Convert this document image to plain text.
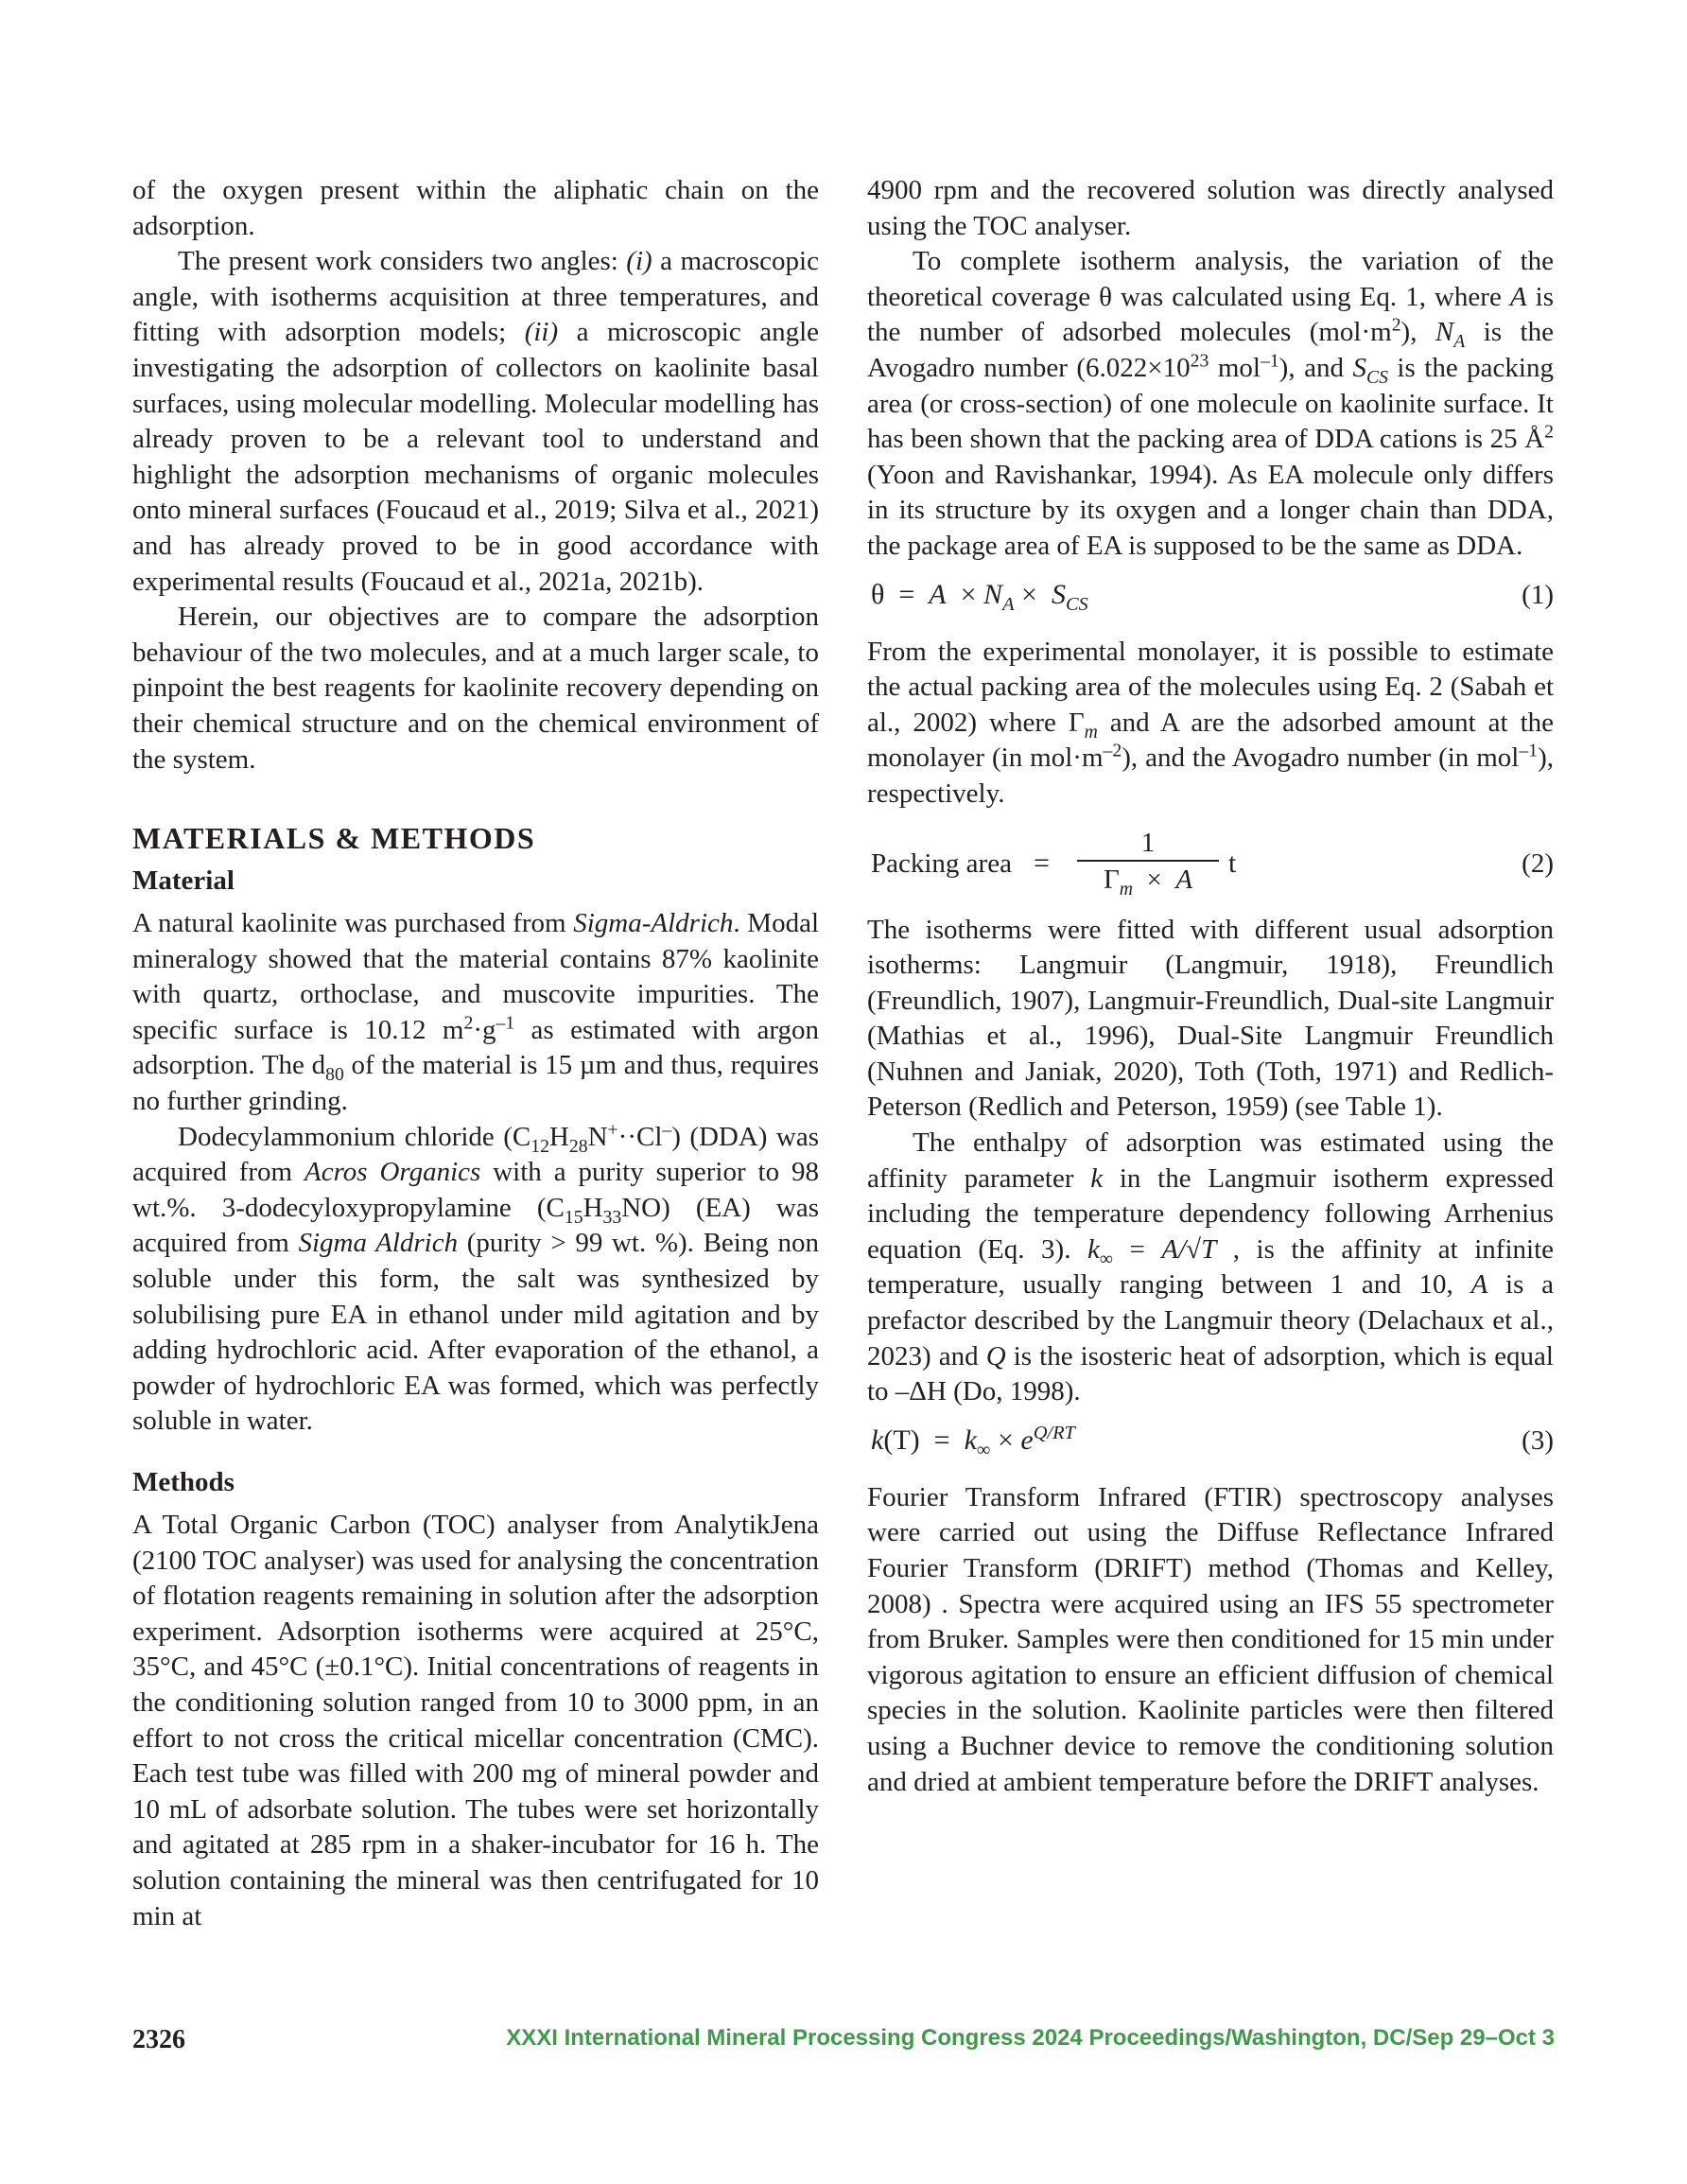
of the oxygen present within the aliphatic chain on the adsorption.

The present work considers two angles: (i) a macroscopic angle, with isotherms acquisition at three temperatures, and fitting with adsorption models; (ii) a microscopic angle investigating the adsorption of collectors on kaolinite basal surfaces, using molecular modelling. Molecular modelling has already proven to be a relevant tool to understand and highlight the adsorption mechanisms of organic molecules onto mineral surfaces (Foucaud et al., 2019; Silva et al., 2021) and has already proved to be in good accordance with experimental results (Foucaud et al., 2021a, 2021b).

Herein, our objectives are to compare the adsorption behaviour of the two molecules, and at a much larger scale, to pinpoint the best reagents for kaolinite recovery depending on their chemical structure and on the chemical environment of the system.

MATERIALS & METHODS
Material

A natural kaolinite was purchased from Sigma-Aldrich. Modal mineralogy showed that the material contains 87% kaolinite with quartz, orthoclase, and muscovite impurities. The specific surface is 10.12 $m^2\cdot g^{-1}$ as estimated with argon adsorption. The $d_{80}$ of the material is 15 µm and thus, requires no further grinding.

Dodecylammonium chloride $(C_{12}H_{28}N^+\cdot\cdot Cl^-)$ (DDA) was acquired from Acros Organics with a purity superior to 98 wt.%. 3-dodecyloxypropylamine $(C_{15}H_{33}NO)$ (EA) was acquired from Sigma Aldrich (purity > 99 wt. %). Being non soluble under this form, the salt was synthesized by solubilising pure EA in ethanol under mild agitation and by adding hydrochloric acid. After evaporation of the ethanol, a powder of hydrochloric EA was formed, which was perfectly soluble in water.

Methods

A Total Organic Carbon (TOC) analyser from AnalytikJena (2100 TOC analyser) was used for analysing the concentration of flotation reagents remaining in solution after the adsorption experiment. Adsorption isotherms were acquired at 25°C, 35°C, and 45°C (±0.1°C). Initial concentrations of reagents in the conditioning solution ranged from 10 to 3000 ppm, in an effort to not cross the critical micellar concentration (CMC). Each test tube was filled with 200 mg of mineral powder and 10 mL of adsorbate solution. The tubes were set horizontally and agitated at 285 rpm in a shaker-incubator for 16 h. The solution containing the mineral was then centrifugated for 10 min at

4900 rpm and the recovered solution was directly analysed using the TOC analyser.

To complete isotherm analysis, the variation of the theoretical coverage θ was calculated using Eq. 1, where A is the number of adsorbed molecules $(mol\cdot m^2)$, $N_A$ is the Avogadro number ($6.022\times 10^{23}$ mol$^{-1}$), and $S_{CS}$ is the packing area (or cross-section) of one molecule on kaolinite surface. It has been shown that the packing area of DDA cations is 25 $Å^2$ (Yoon and Ravishankar, 1994). As EA molecule only differs in its structure by its oxygen and a longer chain than DDA, the package area of EA is supposed to be the same as DDA.

$\theta = A \times N_A \times S_{CS}$	(1)

From the experimental monolayer, it is possible to estimate the actual packing area of the molecules using Eq. 2 (Sabah et al., 2002) where $\Gamma_m$ and A are the adsorbed amount at the monolayer (in $mol\cdot m^{-2}$), and the Avogadro number (in mol$^{-1}$), respectively.

Packing area = $\frac{1}{\Gamma_m \times A}$ t	(2)

The isotherms were fitted with different usual adsorption isotherms: Langmuir (Langmuir, 1918), Freundlich (Freundlich, 1907), Langmuir-Freundlich, Dual-site Langmuir (Mathias et al., 1996), Dual-Site Langmuir Freundlich (Nuhnen and Janiak, 2020), Toth (Toth, 1971) and Redlich-Peterson (Redlich and Peterson, 1959) (see Table 1).

The enthalpy of adsorption was estimated using the affinity parameter k in the Langmuir isotherm expressed including the temperature dependency following Arrhenius equation (Eq. 3). $k_\infty = A/√T$ , is the affinity at infinite temperature, usually ranging between 1 and 10, A is a prefactor described by the Langmuir theory (Delachaux et al., 2023) and Q is the isosteric heat of adsorption, which is equal to –ΔH (Do, 1998).

$k(T) = k_\infty \times e^{Q/RT}$	(3)

Fourier Transform Infrared (FTIR) spectroscopy analyses were carried out using the Diffuse Reflectance Infrared Fourier Transform (DRIFT) method (Thomas and Kelley, 2008) . Spectra were acquired using an IFS 55 spectrometer from Bruker. Samples were then conditioned for 15 min under vigorous agitation to ensure an efficient diffusion of chemical species in the solution. Kaolinite particles were then filtered using a Buchner device to remove the conditioning solution and dried at ambient temperature before the DRIFT analyses.

2326	XXXI International Mineral Processing Congress 2024 Proceedings/Washington, DC/Sep 29–Oct 3
